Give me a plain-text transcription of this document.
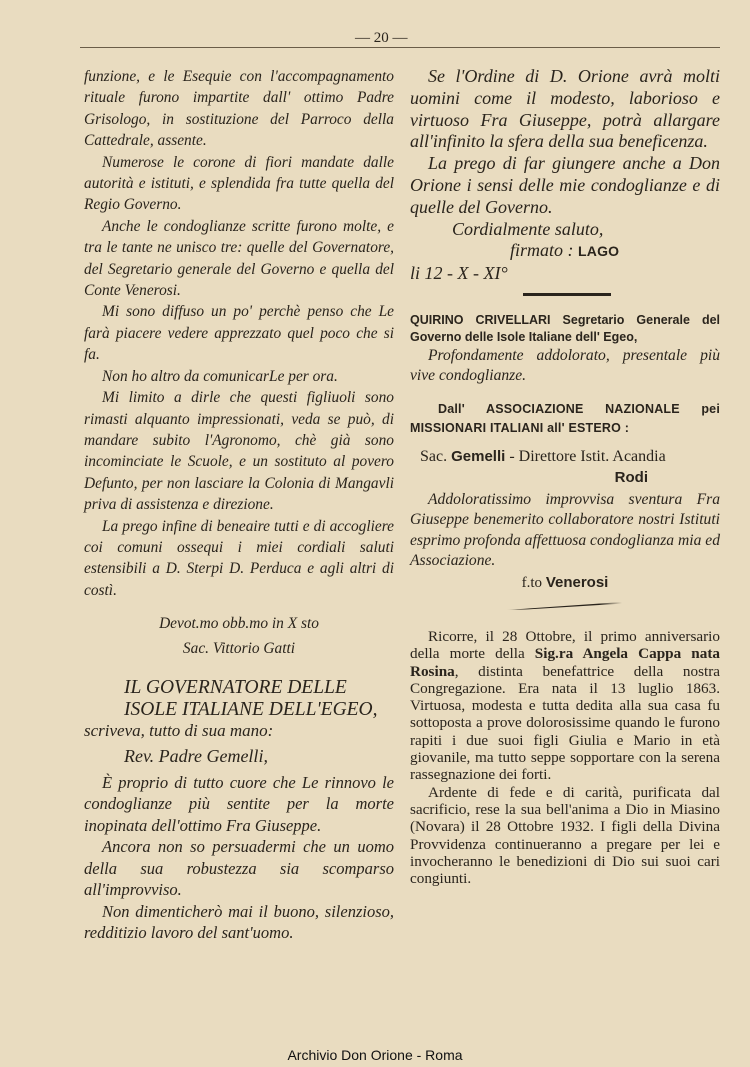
— 20 —

funzione, e le Esequie con l'accompagnamento rituale furono impartite dall' ottimo Padre Grisologo, in sostituzione del Parroco della Cattedrale, assente.

Numerose le corone di fiori mandate dalle autorità e istituti, e splendida fra tutte quella del Regio Governo.

Anche le condoglianze scritte furono molte, e tra le tante ne unisco tre: quelle del Governatore, del Segretario generale del Governo e quella del Conte Venerosi.

Mi sono diffuso un po' perchè penso che Le farà piacere vedere apprezzato quel poco che si fa.

Non ho altro da comunicarLe per ora.

Mi limito a dirle che questi figliuoli sono rimasti alquanto impressionati, veda se può, di mandare subito l'Agronomo, chè già sono incominciate le Scuole, e un sostituto al povero Defunto, per non lasciare la Colonia di Mangavli priva di assistenza e direzione.

La prego infine di beneaire tutti e di accogliere coi comuni ossequi i miei cordiali saluti estensibili a D. Sterpi D. Perduca e agli altri di costì.

Devot.mo obb.mo in X sto

Sac. Vittorio Gatti

IL GOVERNATORE DELLE ISOLE ITALIANE DELL'EGEO,

scriveva, tutto di sua mano:

Rev. Padre Gemelli,

È proprio di tutto cuore che Le rinnovo le condoglianze più sentite per la morte inopinata dell'ottimo Fra Giuseppe.

Ancora non so persuadermi che un uomo della sua robustezza sia scomparso all'improvviso.

Non dimenticherò mai il buono, silenzioso, redditizio lavoro del sant'uomo.

Se l'Ordine di D. Orione avrà molti uomini come il modesto, laborioso e virtuoso Fra Giuseppe, potrà allargare all'infinito la sfera della sua beneficenza.

La prego di far giungere anche a Don Orione i sensi delle mie condoglianze e di quelle del Governo.

Cordialmente saluto,

firmato : LAGO

li 12 - X - XI°

QUIRINO CRIVELLARI Segretario Generale del Governo delle Isole Italiane dell' Egeo,

Profondamente addolorato, presentale più vive condoglianze.

Dall' ASSOCIAZIONE NAZIONALE pei MISSIONARI ITALIANI all' ESTERO :

Sac. Gemelli - Direttore Istit. Acandia

Rodi

Addoloratissimo improvvisa sventura Fra Giuseppe benemerito collaboratore nostri Istituti esprimo profonda affettuosa condoglianza mia ed Associazione.

f.to Venerosi

Ricorre, il 28 Ottobre, il primo anniversario della morte della Sig.ra Angela Cappa nata Rosina, distinta benefattrice della nostra Congregazione. Era nata il 13 luglio 1863. Virtuosa, modesta e tutta dedita alla sua casa fu sottoposta a prove dolorosissime quando le furono rapiti i due suoi figli Giulia e Mario in età giovanile, ma tutto seppe sopportare con la serena rassegnazione dei forti.

Ardente di fede e di carità, purificata dal sacrificio, rese la sua bell'anima a Dio in Miasino (Novara) il 28 Ottobre 1932. I figli della Divina Provvidenza continueranno a pregare per lei e invocheranno le benedizioni di Dio sui suoi cari congiunti.

Archivio Don Orione - Roma
